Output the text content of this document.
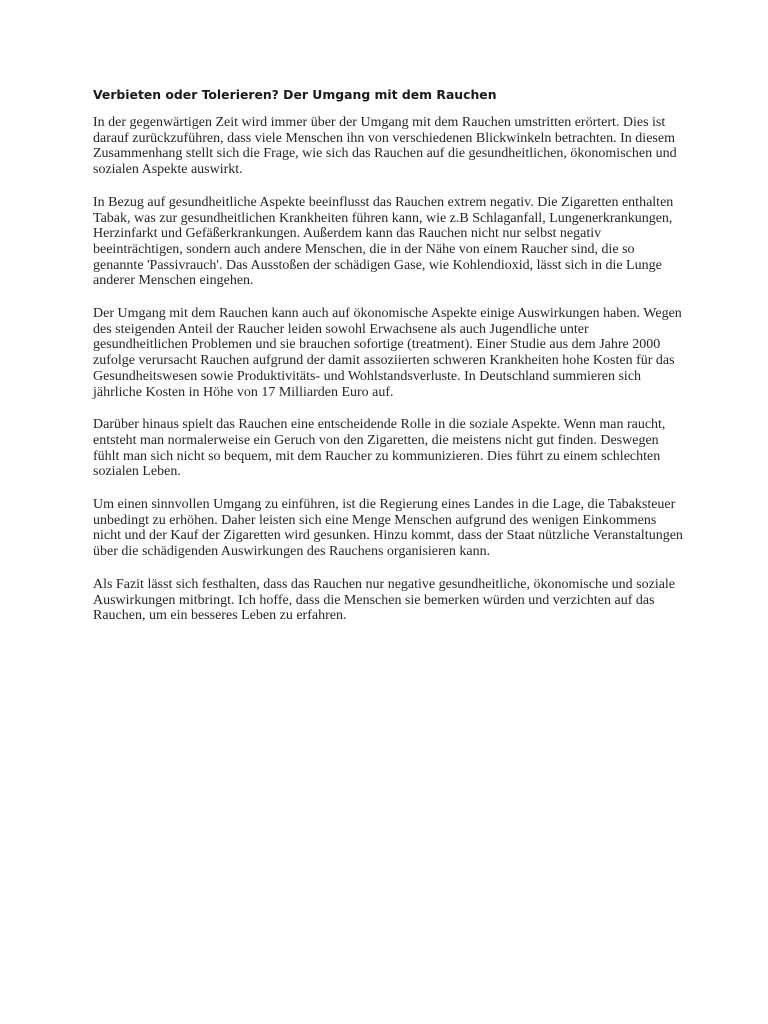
Verbieten oder Tolerieren? Der Umgang mit dem Rauchen

In der gegenwärtigen Zeit wird immer über der Umgang mit dem Rauchen umstritten erörtert. Dies ist darauf zurückzuführen, dass viele Menschen ihn von verschiedenen Blickwinkeln betrachten. In diesem Zusammenhang stellt sich die Frage, wie sich das Rauchen auf die gesundheitlichen, ökonomischen und sozialen Aspekte auswirkt.

In Bezug auf gesundheitliche Aspekte beeinflusst das Rauchen extrem negativ. Die Zigaretten enthalten Tabak, was zur gesundheitlichen Krankheiten führen kann, wie z.B Schlaganfall, Lungenerkrankungen, Herzinfarkt und Gefäßerkrankungen. Außerdem kann das Rauchen nicht nur selbst negativ beeinträchtigen, sondern auch andere Menschen, die in der Nähe von einem Raucher sind, die so genannte 'Passivrauch'. Das Ausstoßen der schädigen Gase, wie Kohlendioxid, lässt sich in die Lunge anderer Menschen eingehen.

Der Umgang mit dem Rauchen kann auch auf ökonomische Aspekte einige Auswirkungen haben. Wegen des steigenden Anteil der Raucher leiden sowohl Erwachsene als auch Jugendliche unter gesundheitlichen Problemen und sie brauchen sofortige (treatment). Einer Studie aus dem Jahre 2000 zufolge verursacht Rauchen aufgrund der damit assoziierten schweren Krankheiten hohe Kosten für das Gesundheitswesen sowie Produktivitäts- und Wohlstandsverluste. In Deutschland summieren sich jährliche Kosten in Höhe von 17 Milliarden Euro auf.

Darüber hinaus spielt das Rauchen eine entscheidende Rolle in die soziale Aspekte. Wenn man raucht, entsteht man normalerweise ein Geruch von den Zigaretten, die meistens nicht gut finden. Deswegen fühlt man sich nicht so bequem, mit dem Raucher zu kommunizieren. Dies führt zu einem schlechten sozialen Leben.

Um einen sinnvollen Umgang zu einführen, ist die Regierung eines Landes in die Lage, die Tabaksteuer unbedingt zu erhöhen. Daher leisten sich eine Menge Menschen aufgrund des wenigen Einkommens nicht und der Kauf der Zigaretten wird gesunken. Hinzu kommt, dass der Staat nützliche Veranstaltungen über die schädigenden Auswirkungen des Rauchens organisieren kann.

Als Fazit lässt sich festhalten, dass das Rauchen nur negative gesundheitliche, ökonomische und soziale Auswirkungen mitbringt. Ich hoffe, dass die Menschen sie bemerken würden und verzichten auf das Rauchen, um ein besseres Leben zu erfahren.
